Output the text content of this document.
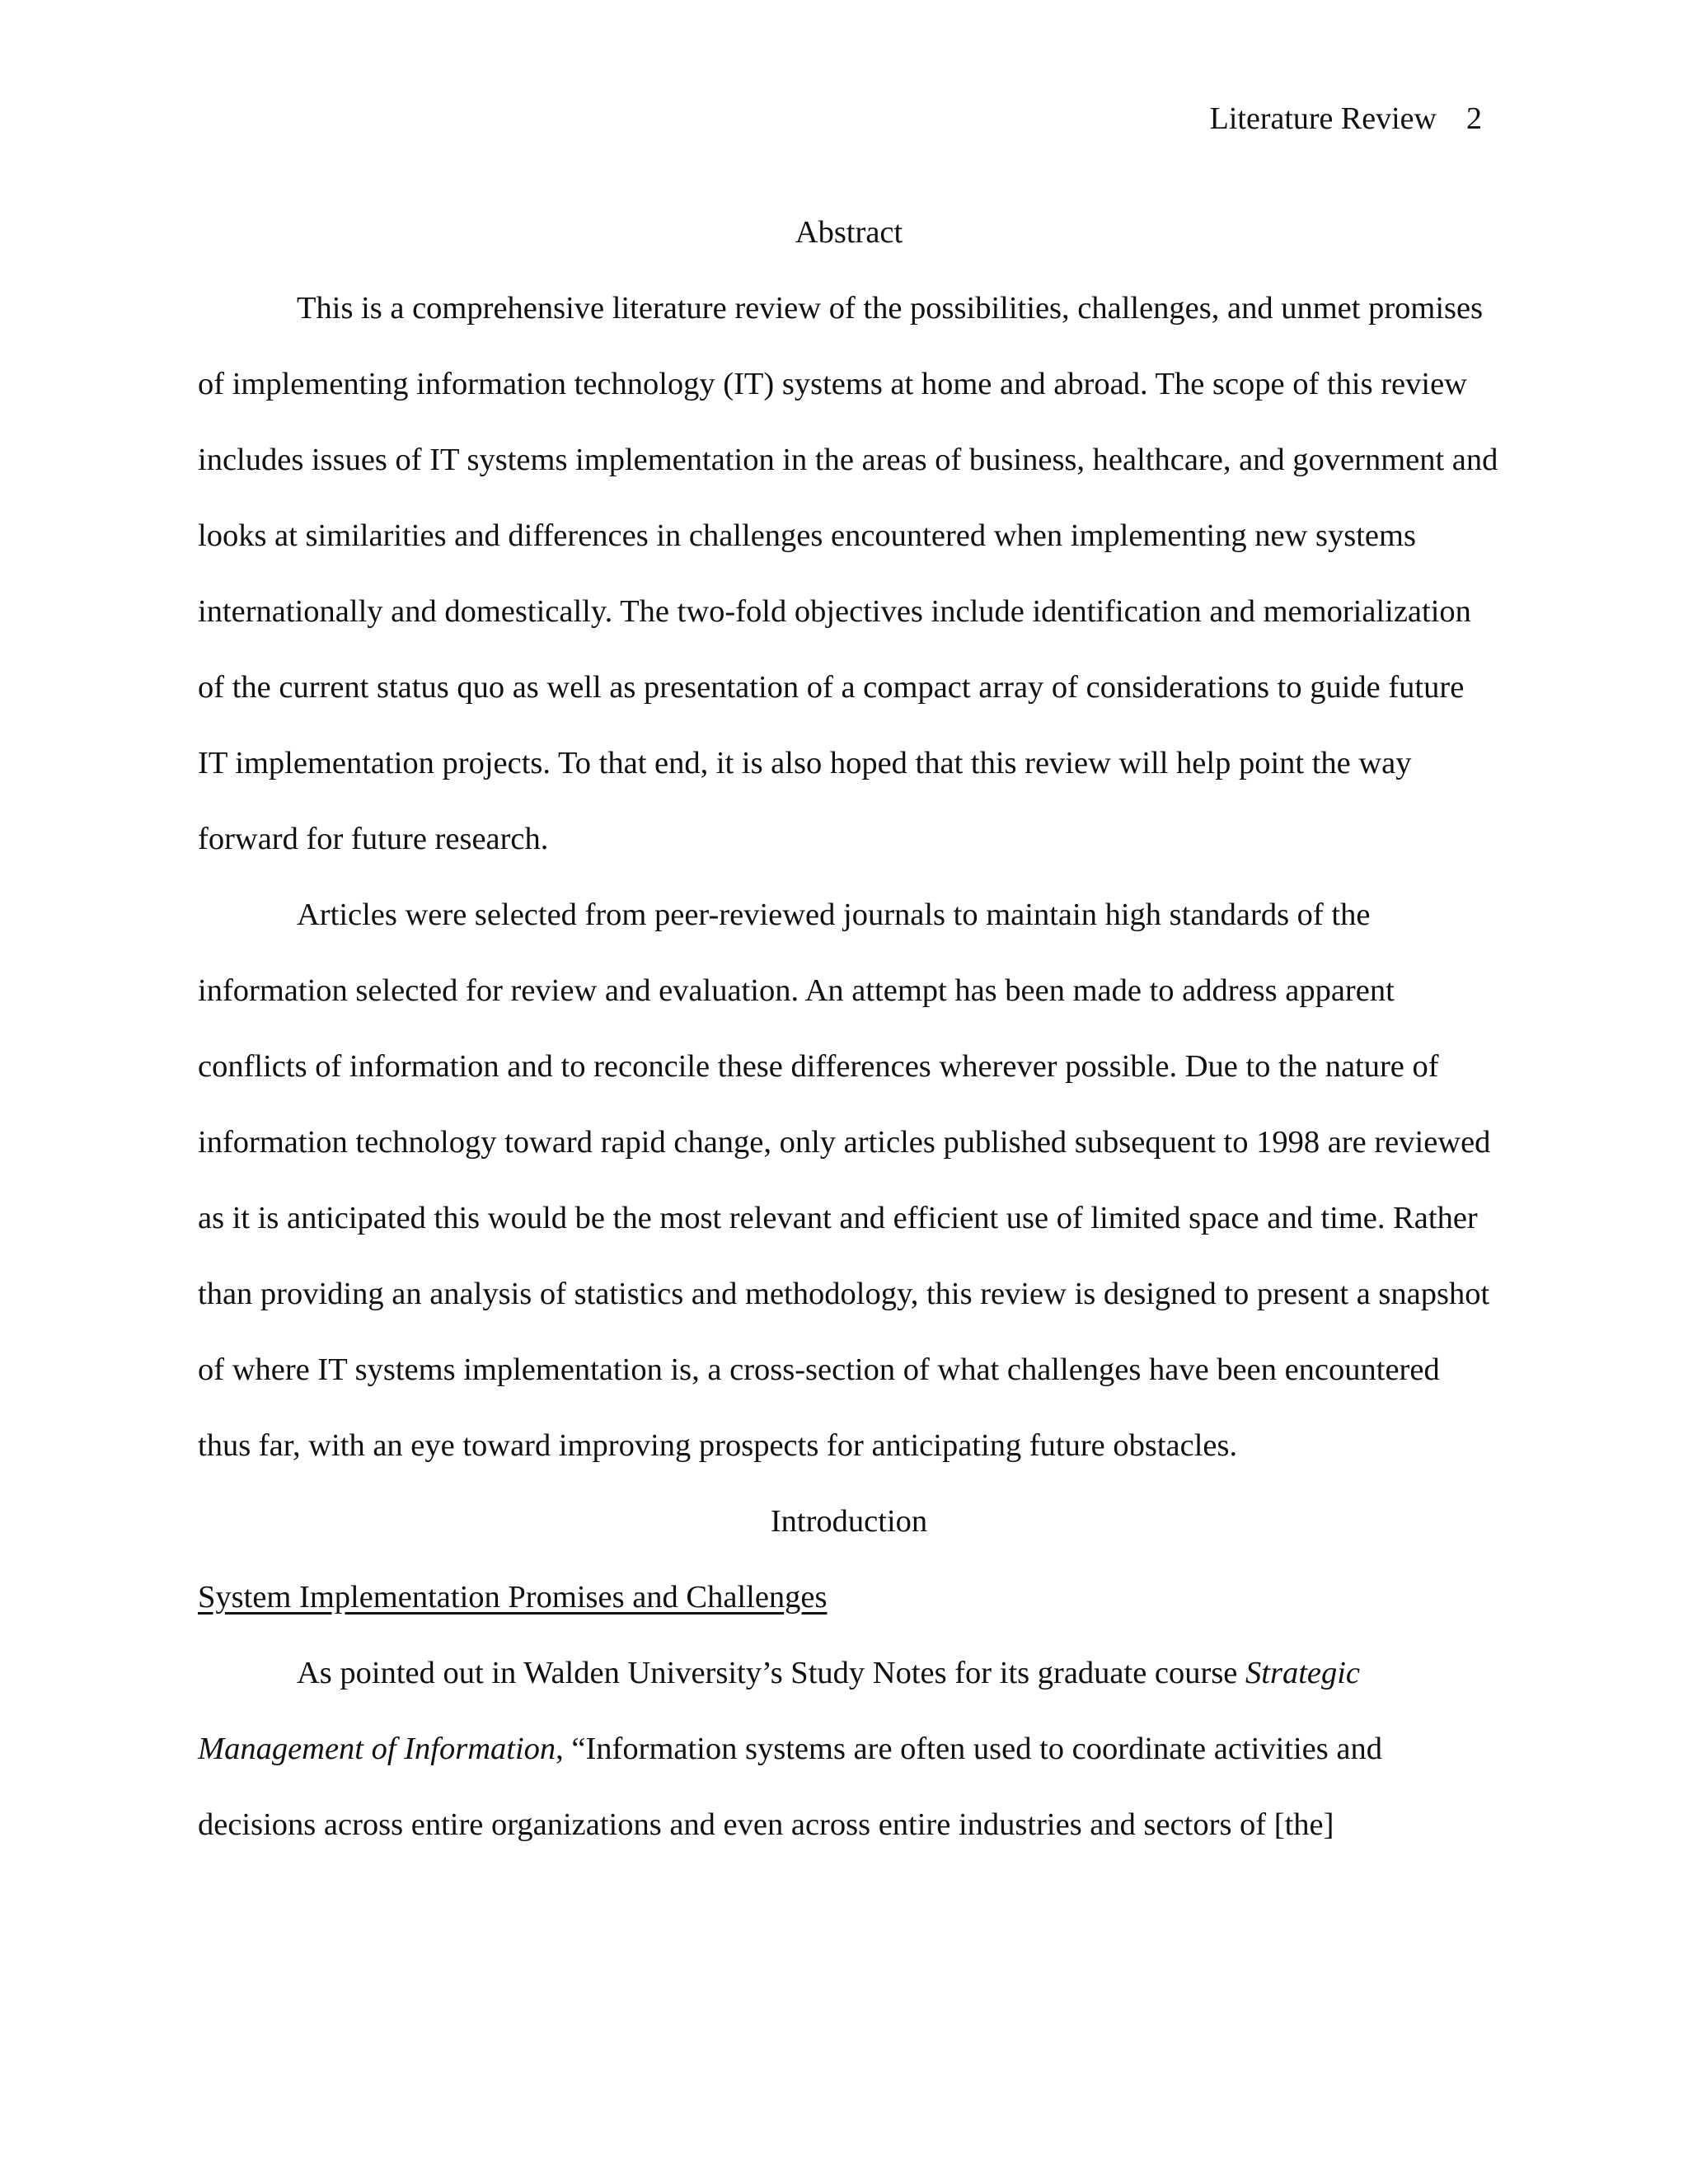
Literature Review 2
Abstract

This is a comprehensive literature review of the possibilities, challenges, and unmet promises of implementing information technology (IT) systems at home and abroad. The scope of this review includes issues of IT systems implementation in the areas of business, healthcare, and government and looks at similarities and differences in challenges encountered when implementing new systems internationally and domestically. The two-fold objectives include identification and memorialization of the current status quo as well as presentation of a compact array of considerations to guide future IT implementation projects. To that end, it is also hoped that this review will help point the way forward for future research.

Articles were selected from peer-reviewed journals to maintain high standards of the information selected for review and evaluation. An attempt has been made to address apparent conflicts of information and to reconcile these differences wherever possible. Due to the nature of information technology toward rapid change, only articles published subsequent to 1998 are reviewed as it is anticipated this would be the most relevant and efficient use of limited space and time. Rather than providing an analysis of statistics and methodology, this review is designed to present a snapshot of where IT systems implementation is, a cross-section of what challenges have been encountered thus far, with an eye toward improving prospects for anticipating future obstacles.

Introduction
System Implementation Promises and Challenges

As pointed out in Walden University’s Study Notes for its graduate course Strategic Management of Information, “Information systems are often used to coordinate activities and decisions across entire organizations and even across entire industries and sectors of [the]
